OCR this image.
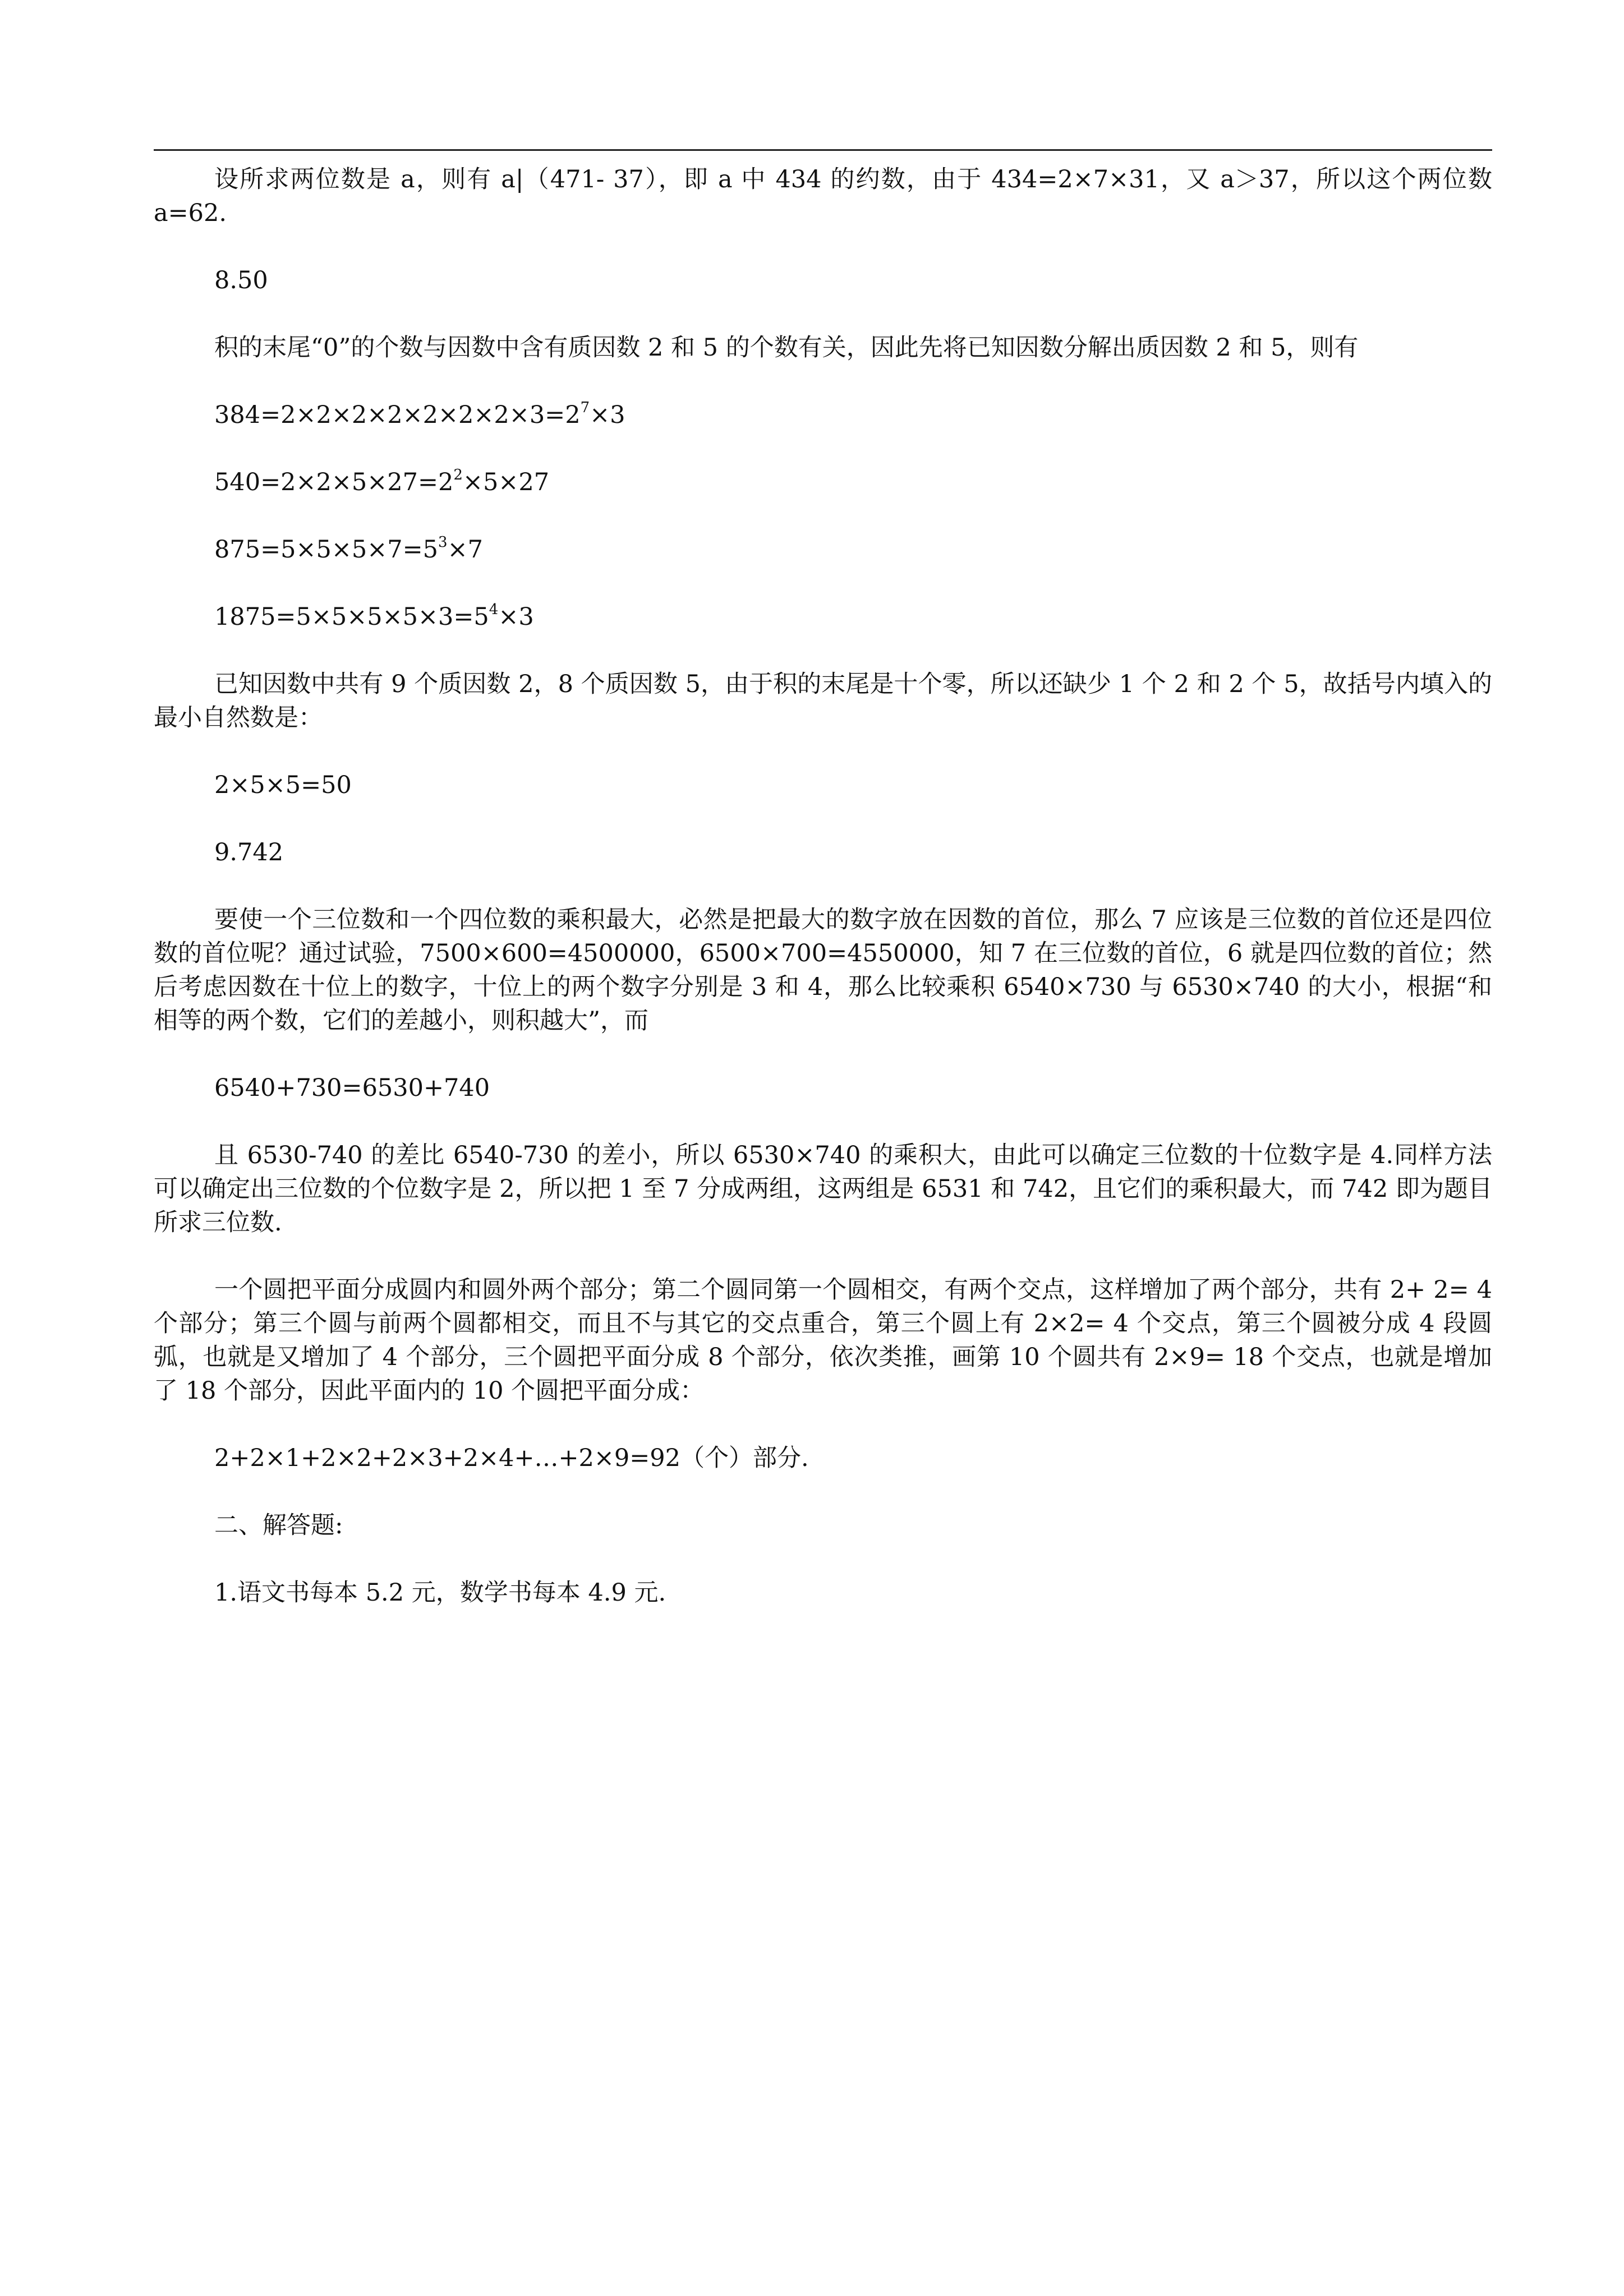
设所求两位数是 a，则有 a|（471- 37），即 a 中 434 的约数，由于 434=2×7×31，又 a＞37，所以这个两位数 a=62.

8.50

积的末尾“0”的个数与因数中含有质因数 2 和 5 的个数有关，因此先将已知因数分解出质因数 2 和 5，则有

$384=2\times 2\times 2\times 2\times 2\times 2\times 2\times 3=2^7\times 3$

$540=2\times 2\times 5\times 27=2^2\times 5\times 27$

$875=5\times 5\times 5\times 7=5^3\times 7$

$1875=5\times 5\times 5\times 5\times 3=5^4\times 3$

已知因数中共有 9 个质因数 2，8 个质因数 5，由于积的末尾是十个零，所以还缺少 1 个 2 和 2 个 5，故括号内填入的最小自然数是：

2×5×5=50

9.742

要使一个三位数和一个四位数的乘积最大，必然是把最大的数字放在因数的首位，那么 7 应该是三位数的首位还是四位数的首位呢？通过试验，7500×600=4500000，6500×700=4550000，知 7 在三位数的首位，6 就是四位数的首位；然后考虑因数在十位上的数字，十位上的两个数字分别是 3 和 4，那么比较乘积 6540×730 与 6530×740 的大小，根据“和相等的两个数，它们的差越小，则积越大”，而

6540+730=6530+740

且 6530-740 的差比 6540-730 的差小，所以 6530×740 的乘积大，由此可以确定三位数的十位数字是 4.同样方法可以确定出三位数的个位数字是 2，所以把 1 至 7 分成两组，这两组是 6531 和 742，且它们的乘积最大，而 742 即为题目所求三位数.

一个圆把平面分成圆内和圆外两个部分；第二个圆同第一个圆相交，有两个交点，这样增加了两个部分，共有 2+ 2= 4 个部分；第三个圆与前两个圆都相交，而且不与其它的交点重合，第三个圆上有 2×2= 4 个交点，第三个圆被分成 4 段圆弧，也就是又增加了 4 个部分，三个圆把平面分成 8 个部分，依次类推，画第 10 个圆共有 2×9= 18 个交点，也就是增加了 18 个部分，因此平面内的 10 个圆把平面分成：

2+2×1+2×2+2×3+2×4+…+2×9=92（个）部分.

二、解答题:

1.语文书每本 5.2 元，数学书每本 4.9 元.
